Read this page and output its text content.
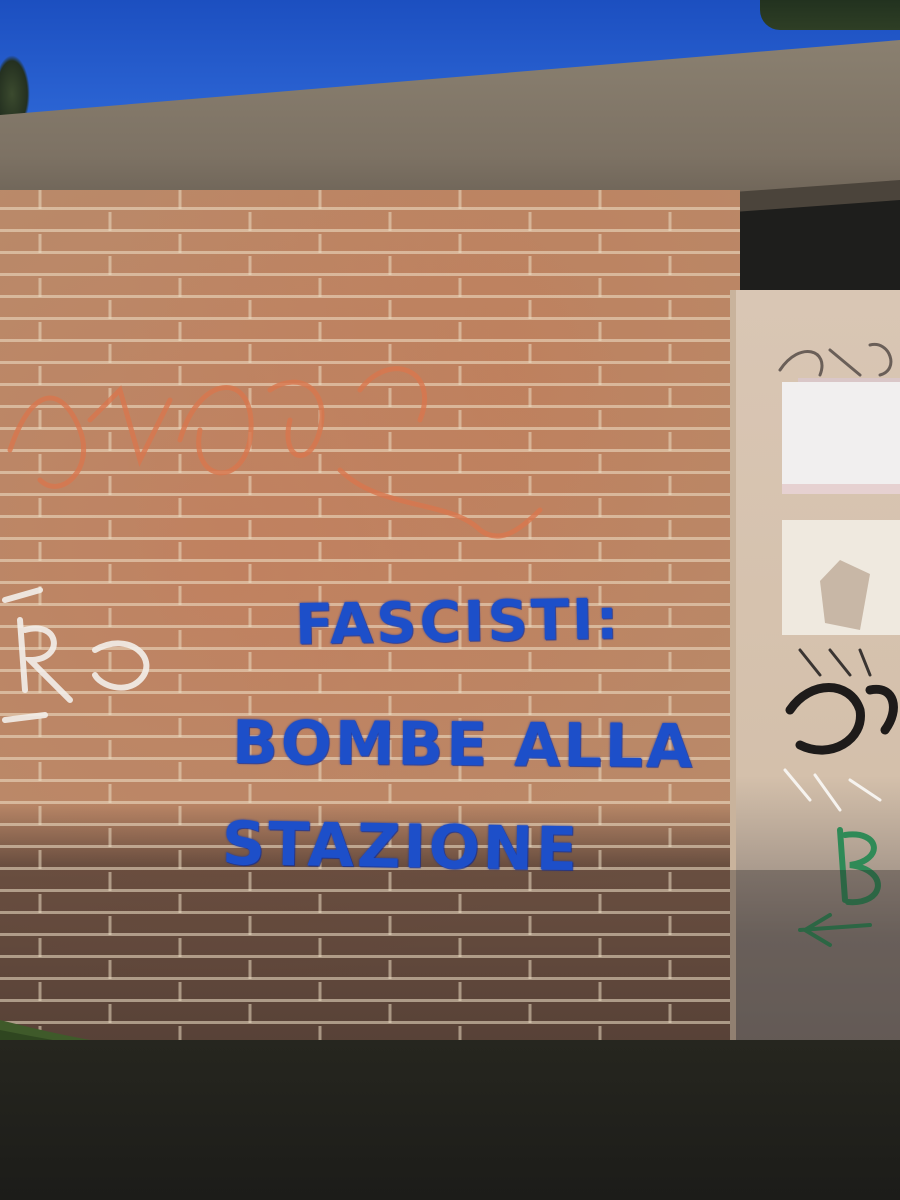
FASCISTI:

BOMBE ALLA

STAZIONE
